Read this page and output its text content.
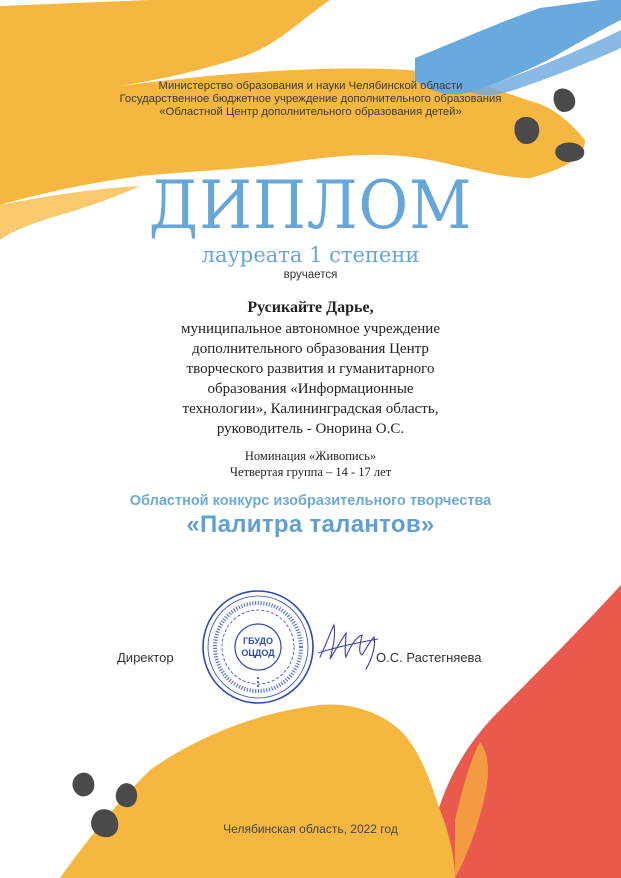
Министерство образования и науки Челябинской области

Государственное бюджетное учреждение дополнительного образования

«Областной Центр дополнительного образования детей»

ДИПЛОМ

лауреата 1 степени

вручается

Русикайте Дарье,

муниципальное автономное учреждение

дополнительного образования Центр

творческого развития и гуманитарного

образования «Информационные

технологии», Калининградская область,

руководитель - Онорина О.С.

Номинация «Живопись»

Четвертая группа – 14 - 17 лет

Областной конкурс изобразительного творчества

«Палитра талантов»

Директор
ГБУДО
ОЦДОД	О.С. Растегняева

Челябинская область, 2022 год
